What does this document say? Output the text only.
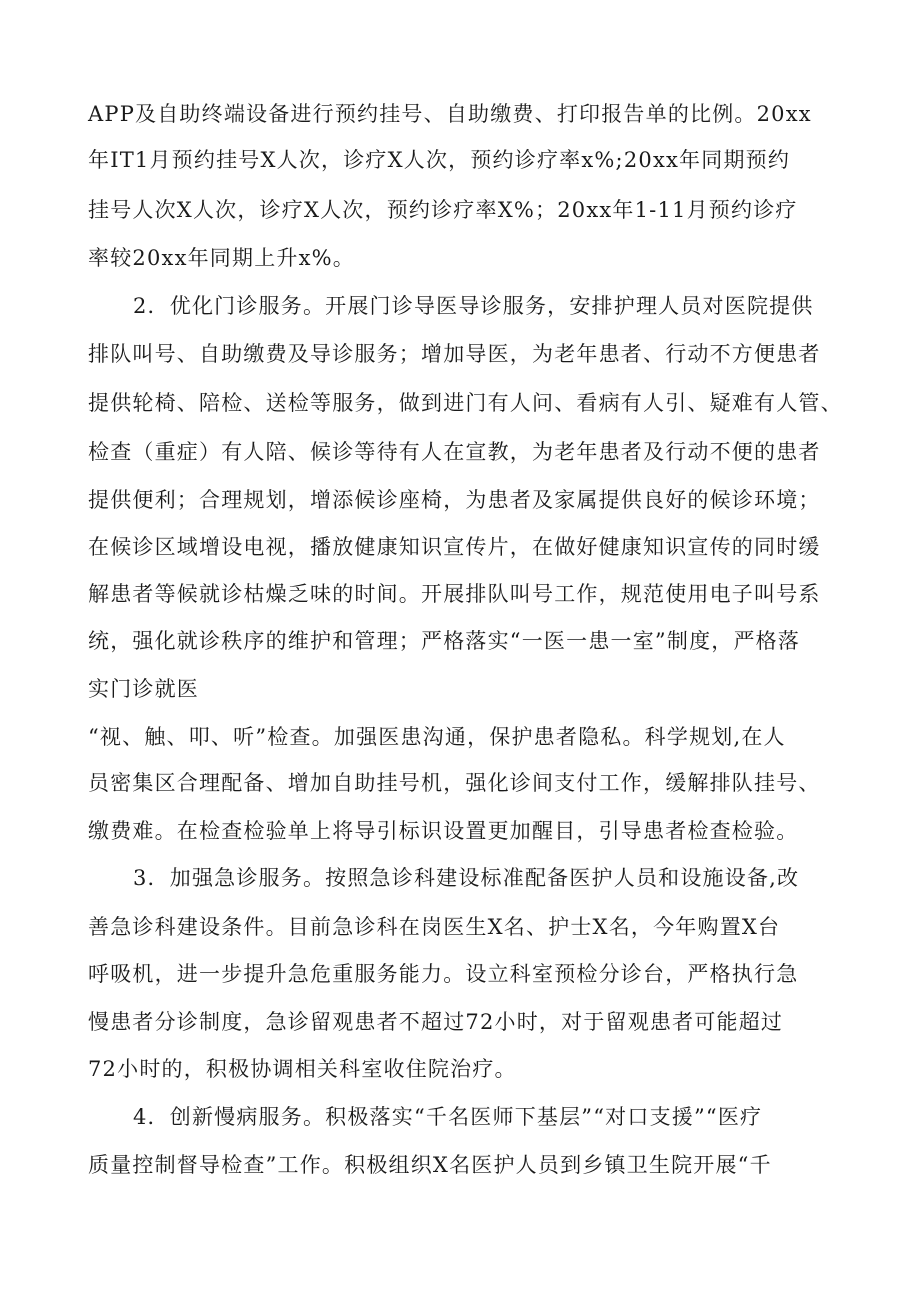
APP及自助终端设备进行预约挂号、自助缴费、打印报告单的比例。20xx
年IT1月预约挂号X人次，诊疗X人次，预约诊疗率x%;20xx年同期预约
挂号人次X人次，诊疗X人次，预约诊疗率X%；20xx年1-11月预约诊疗
率较20xx年同期上升x%。
2．优化门诊服务。开展门诊导医导诊服务，安排护理人员对医院提供
排队叫号、自助缴费及导诊服务；增加导医，为老年患者、行动不方便患者
提供轮椅、陪检、送检等服务，做到进门有人问、看病有人引、疑难有人管、
检查（重症）有人陪、候诊等待有人在宣教，为老年患者及行动不便的患者
提供便利；合理规划，增添候诊座椅，为患者及家属提供良好的候诊环境；
在候诊区域增设电视，播放健康知识宣传片，在做好健康知识宣传的同时缓
解患者等候就诊枯燥乏味的时间。开展排队叫号工作，规范使用电子叫号系
统，强化就诊秩序的维护和管理；严格落实“一医一患一室”制度，严格落
实门诊就医
“视、触、叩、听”检查。加强医患沟通，保护患者隐私。科学规划,在人
员密集区合理配备、增加自助挂号机，强化诊间支付工作，缓解排队挂号、
缴费难。在检查检验单上将导引标识设置更加醒目，引导患者检查检验。
3．加强急诊服务。按照急诊科建设标准配备医护人员和设施设备,改
善急诊科建设条件。目前急诊科在岗医生X名、护士X名，今年购置X台
呼吸机，进一步提升急危重服务能力。设立科室预检分诊台，严格执行急
慢患者分诊制度，急诊留观患者不超过72小时，对于留观患者可能超过
72小时的，积极协调相关科室收住院治疗。
4．创新慢病服务。积极落实“千名医师下基层”“对口支援”“医疗
质量控制督导检查”工作。积极组织X名医护人员到乡镇卫生院开展“千
